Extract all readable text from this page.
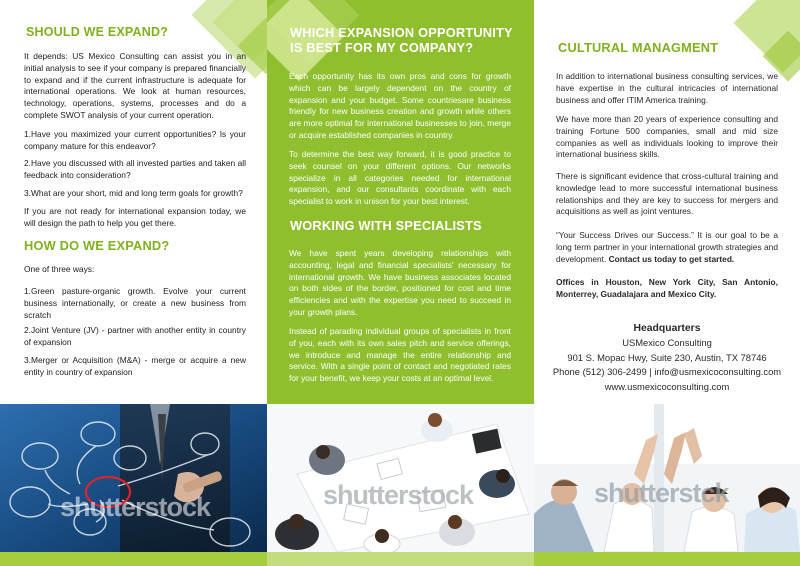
SHOULD WE EXPAND?
It depends: US Mexico Consulting can assist you in an initial analysis to see if your company is prepared financially to expand and if the current infrastructure is adequate for international operations. We look at human resources, technology, operations, systems, processes and do a complete SWOT analysis of your current operation.
1.Have you maximized your current opportunities? Is your company mature for this endeavor?
2.Have you discussed with all invested parties and taken all feedback into consideration?
3.What are your short, mid and long term goals for growth?
If you are not ready for international expansion today, we will design the path to help you get there.
HOW DO WE EXPAND?
One of three ways:
1.Green pasture-organic growth. Evolve your current business internationally, or create a new business from scratch
2.Joint Venture (JV) - partner with another entity in country of expansion
3.Merger or Acquisition (M&A) - merge or acquire a new entity in country of expansion
shutterstock
WHICH EXPANSION OPPORTUNITY
IS BEST FOR MY COMPANY?
Each opportunity has its own pros and cons for growth which can be largely dependent on the country of expansion and your budget. Some countriesare business friendly for new business creation and growth while others are more optimal for international businesses to join, merge or acquire established companies in country.
To determine the best way forward, it is good practice to seek counsel on your different options. Our networks specialize in all categories needed for international expansion, and our consultants coordinate with each specialist to work in unison for your best interest.
WORKING WITH SPECIALISTS
We have spent years developing relationships with accounting, legal and financial specialists' necessary for international growth. We have business associates located on both sides of the border, positioned for cost and time efficiencies and with the expertise you need to succeed in your growth plans.
Instead of parading individual groups of specialists in front of you, each with its own sales pitch and service offerings, we introduce and manage the entire relationship and service. With a single point of contact and negotiated rates for your benefit, we keep your costs at an optimal level.
shutterstock
CULTURAL MANAGMENT
In addition to international business consulting services, we have expertise in the cultural intricacies of international business and offer ITIM America training.
We have more than 20 years of experience consulting and training Fortune 500 companies, small and mid size companies as well as individuals looking to improve their international business skills.
There is significant evidence that cross-cultural training and knowledge lead to more successful international business relationships and they are key to success for mergers and acquisitions as well as joint ventures.
“Your Success Drives our Success.” It is our goal to be a long term partner in your international growth strategies and development. Contact us today to get started.
Offices in Houston, New York City, San Antonio, Monterrey, Guadalajara and Mexico City.
Headquarters
USMexico Consulting
901 S. Mopac Hwy, Suite 230, Austin, TX 78746
Phone (512) 306-2499 | info@usmexicoconsulting.com
www.usmexicoconsulting.com
shutterstck
